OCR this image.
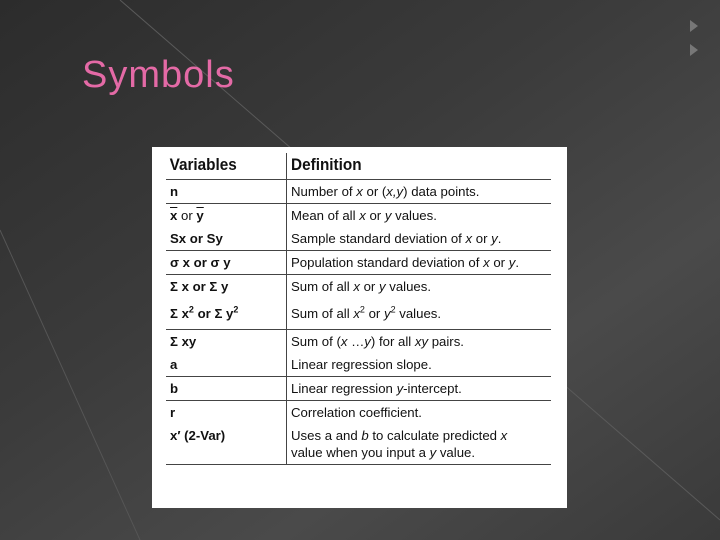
Symbols
Variables	Definition
n	Number of x or (x,y) data points.
$\overline{x}$ or $\overline{y}$	Mean of all x or y values.
Sx or Sy	Sample standard deviation of x or y.
σ x or σ y	Population standard deviation of x or y.
Σ x or Σ y	Sum of all x or y values.
Σ $x^2$ or Σ $y^2$	Sum of all $x^2$ or $y^2$ values.
Σ xy	Sum of (x …y) for all xy pairs.
a	Linear regression slope.
b	Linear regression y-intercept.
r	Correlation coefficient.
x′ (2-Var)	Uses a and b to calculate predicted x
value when you input a y value.
